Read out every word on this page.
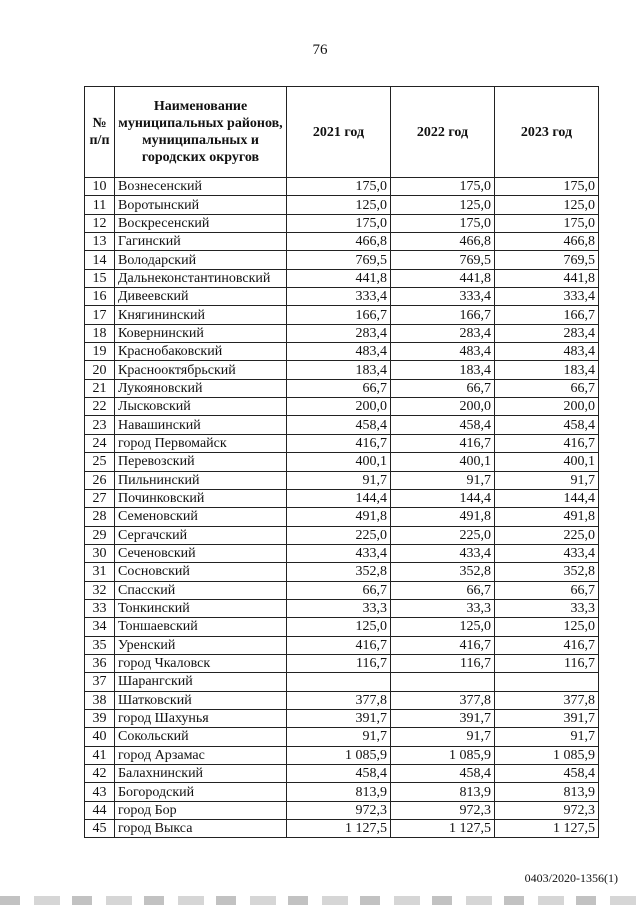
76
№ п/п	Наименование муниципальных районов, муниципальных и городских округов	2021 год	2022 год	2023 год
10	Вознесенский	175,0	175,0	175,0
11	Воротынский	125,0	125,0	125,0
12	Воскресенский	175,0	175,0	175,0
13	Гагинский	466,8	466,8	466,8
14	Володарский	769,5	769,5	769,5
15	Дальнеконстантиновский	441,8	441,8	441,8
16	Дивеевский	333,4	333,4	333,4
17	Княгининский	166,7	166,7	166,7
18	Ковернинский	283,4	283,4	283,4
19	Краснобаковский	483,4	483,4	483,4
20	Краснооктябрьский	183,4	183,4	183,4
21	Лукояновский	66,7	66,7	66,7
22	Лысковский	200,0	200,0	200,0
23	Навашинский	458,4	458,4	458,4
24	город Первомайск	416,7	416,7	416,7
25	Перевозский	400,1	400,1	400,1
26	Пильнинский	91,7	91,7	91,7
27	Починковский	144,4	144,4	144,4
28	Семеновский	491,8	491,8	491,8
29	Сергачский	225,0	225,0	225,0
30	Сеченовский	433,4	433,4	433,4
31	Сосновский	352,8	352,8	352,8
32	Спасский	66,7	66,7	66,7
33	Тонкинский	33,3	33,3	33,3
34	Тоншаевский	125,0	125,0	125,0
35	Уренский	416,7	416,7	416,7
36	город Чкаловск	116,7	116,7	116,7
37	Шарангский			
38	Шатковский	377,8	377,8	377,8
39	город Шахунья	391,7	391,7	391,7
40	Сокольский	91,7	91,7	91,7
41	город Арзамас	1 085,9	1 085,9	1 085,9
42	Балахнинский	458,4	458,4	458,4
43	Богородский	813,9	813,9	813,9
44	город Бор	972,3	972,3	972,3
45	город Выкса	1 127,5	1 127,5	1 127,5
0403/2020-1356(1)
